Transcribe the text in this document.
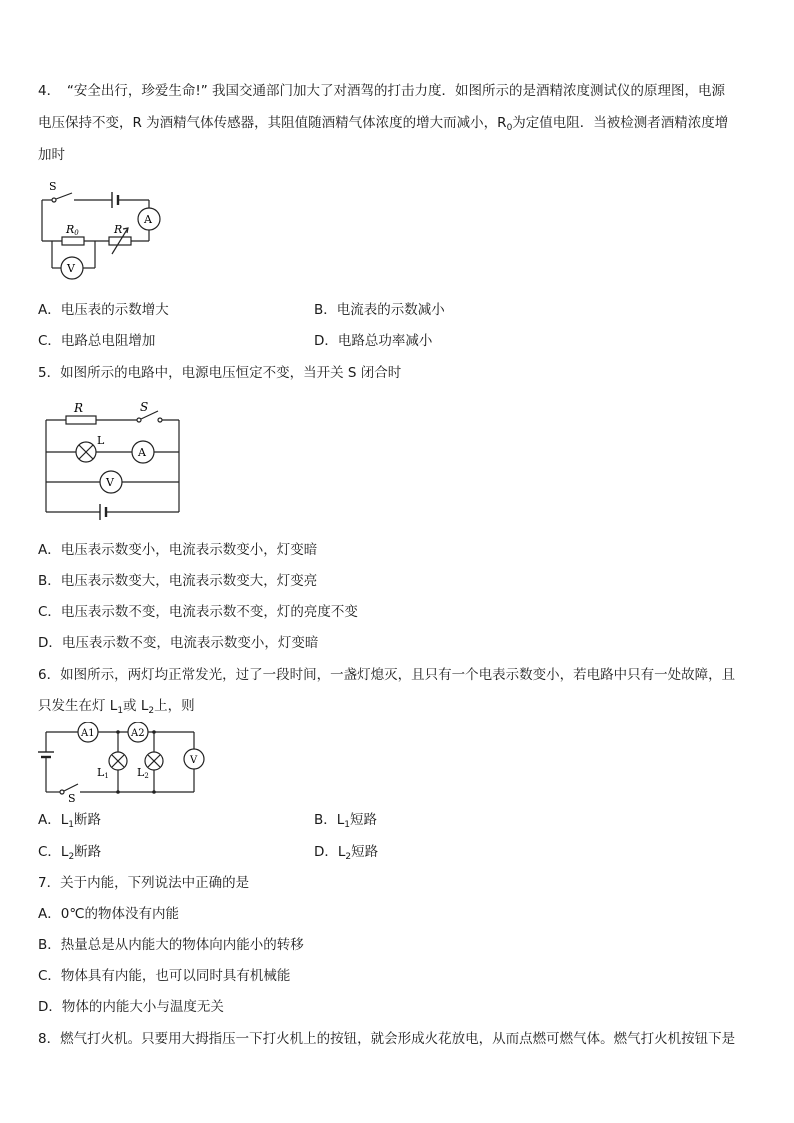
4．　“安全出行，珍爱生命!” 我国交通部门加大了对酒驾的打击力度．如图所示的是酒精浓度测试仪的原理图，电源
电压保持不变，R 为酒精气体传感器，其阻值随酒精气体浓度的增大而减小，$R_0$为定值电阻．当被检测者酒精浓度增
加时
S
R0	R
A
V
A．电压表的示数增大	B．电流表的示数减小
C．电路总电阻增加	D．电路总功率减小
5．如图所示的电路中，电源电压恒定不变，当开关 S 闭合时
R	S
L
A
V
A．电压表示数变小，电流表示数变小，灯变暗
B．电压表示数变大，电流表示数变大，灯变亮
C．电压表示数不变，电流表示数不变，灯的亮度不变
D．电压表示数不变，电流表示数变小，灯变暗
6．如图所示，两灯均正常发光，过了一段时间，一盏灯熄灭，且只有一个电表示数变小，若电路中只有一处故障，且
只发生在灯 $L_1$或 $L_2$上，则
A1	A2
L1	L2
V
S
A．$L_1$断路	B．$L_1$短路
C．$L_2$断路	D．$L_2$短路
7．关于内能，下列说法中正确的是
A．0℃的物体没有内能
B．热量总是从内能大的物体向内能小的转移
C．物体具有内能，也可以同时具有机械能
D．物体的内能大小与温度无关
8．燃气打火机。只要用大拇指压一下打火机上的按钮，就会形成火花放电，从而点燃可燃气体。燃气打火机按钮下是
